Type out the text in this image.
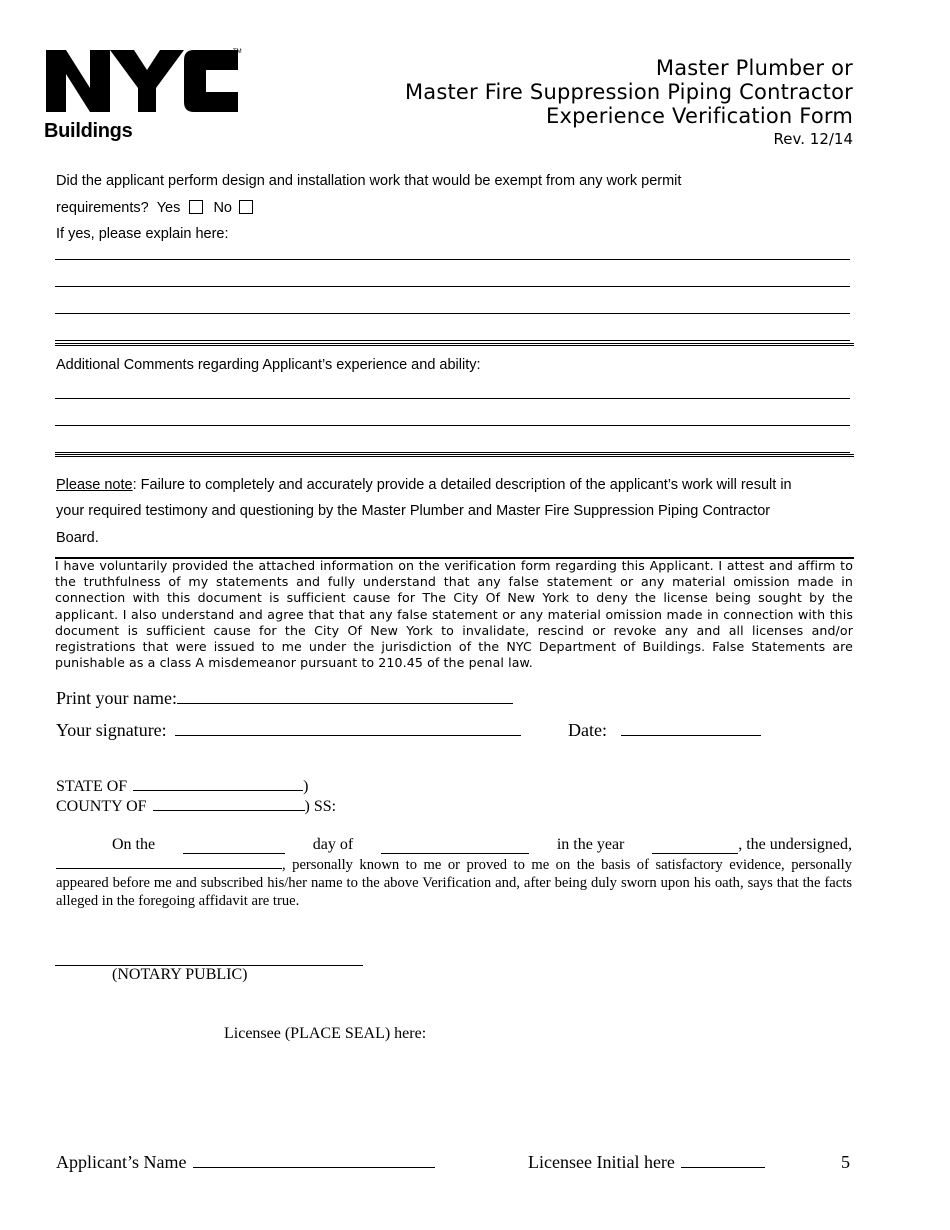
TM
Buildings
Master Plumber or
Master Fire Suppression Piping Contractor
Experience Verification Form
Rev. 12/14
Did the applicant perform design and installation work that would be exempt from any work permit
requirements? Yes No
If yes, please explain here:
Additional Comments regarding Applicant’s experience and ability:
Please note: Failure to completely and accurately provide a detailed description of the applicant’s work will result in
your required testimony and questioning by the Master Plumber and Master Fire Suppression Piping Contractor
Board.
I have voluntarily provided the attached information on the verification form regarding this Applicant. I attest and affirm to the truthfulness of my statements and fully understand that any false statement or any material omission made in connection with this document is sufficient cause for The City Of New York to deny the license being sought by the applicant. I also understand and agree that that any false statement or any material omission made in connection with this document is sufficient cause for the City Of New York to invalidate, rescind or revoke any and all licenses and/or registrations that were issued to me under the jurisdiction of the NYC Department of Buildings. False Statements are punishable as a class A misdemeanor pursuant to 210.45 of the penal law.
Print your name:
Your signature:	Date:
STATE OF	)
COUNTY OF	) SS:
On the	day of	in the year	, the undersigned,
, personally known to me or proved to me on the basis of satisfactory evidence, personally appeared before me and subscribed his/her name to the above Verification and, after being duly sworn upon his oath, says that the facts alleged in the foregoing affidavit are true.
(NOTARY PUBLIC)
Licensee (PLACE SEAL) here:
Applicant’s Name	Licensee Initial here	5
